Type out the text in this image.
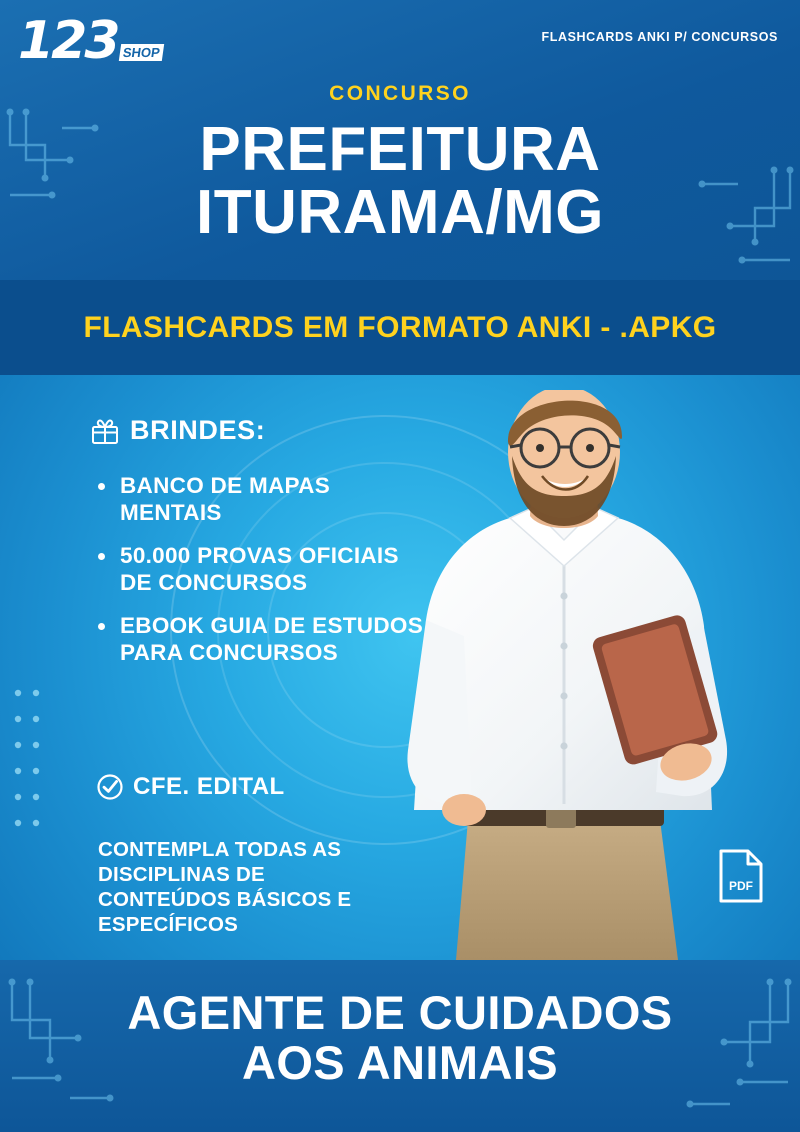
123 SHOP
FLASHCARDS ANKI P/ CONCURSOS
CONCURSO
PREFEITURA
ITURAMA/MG
FLASHCARDS EM FORMATO ANKI - .APKG
BRINDES:
BANCO DE MAPAS MENTAIS
50.000 PROVAS OFICIAIS DE CONCURSOS
EBOOK GUIA DE ESTUDOS PARA CONCURSOS
CFE. EDITAL
CONTEMPLA TODAS AS DISCIPLINAS DE CONTEÚDOS BÁSICOS E ESPECÍFICOS
PDF
AGENTE DE CUIDADOS
AOS ANIMAIS
